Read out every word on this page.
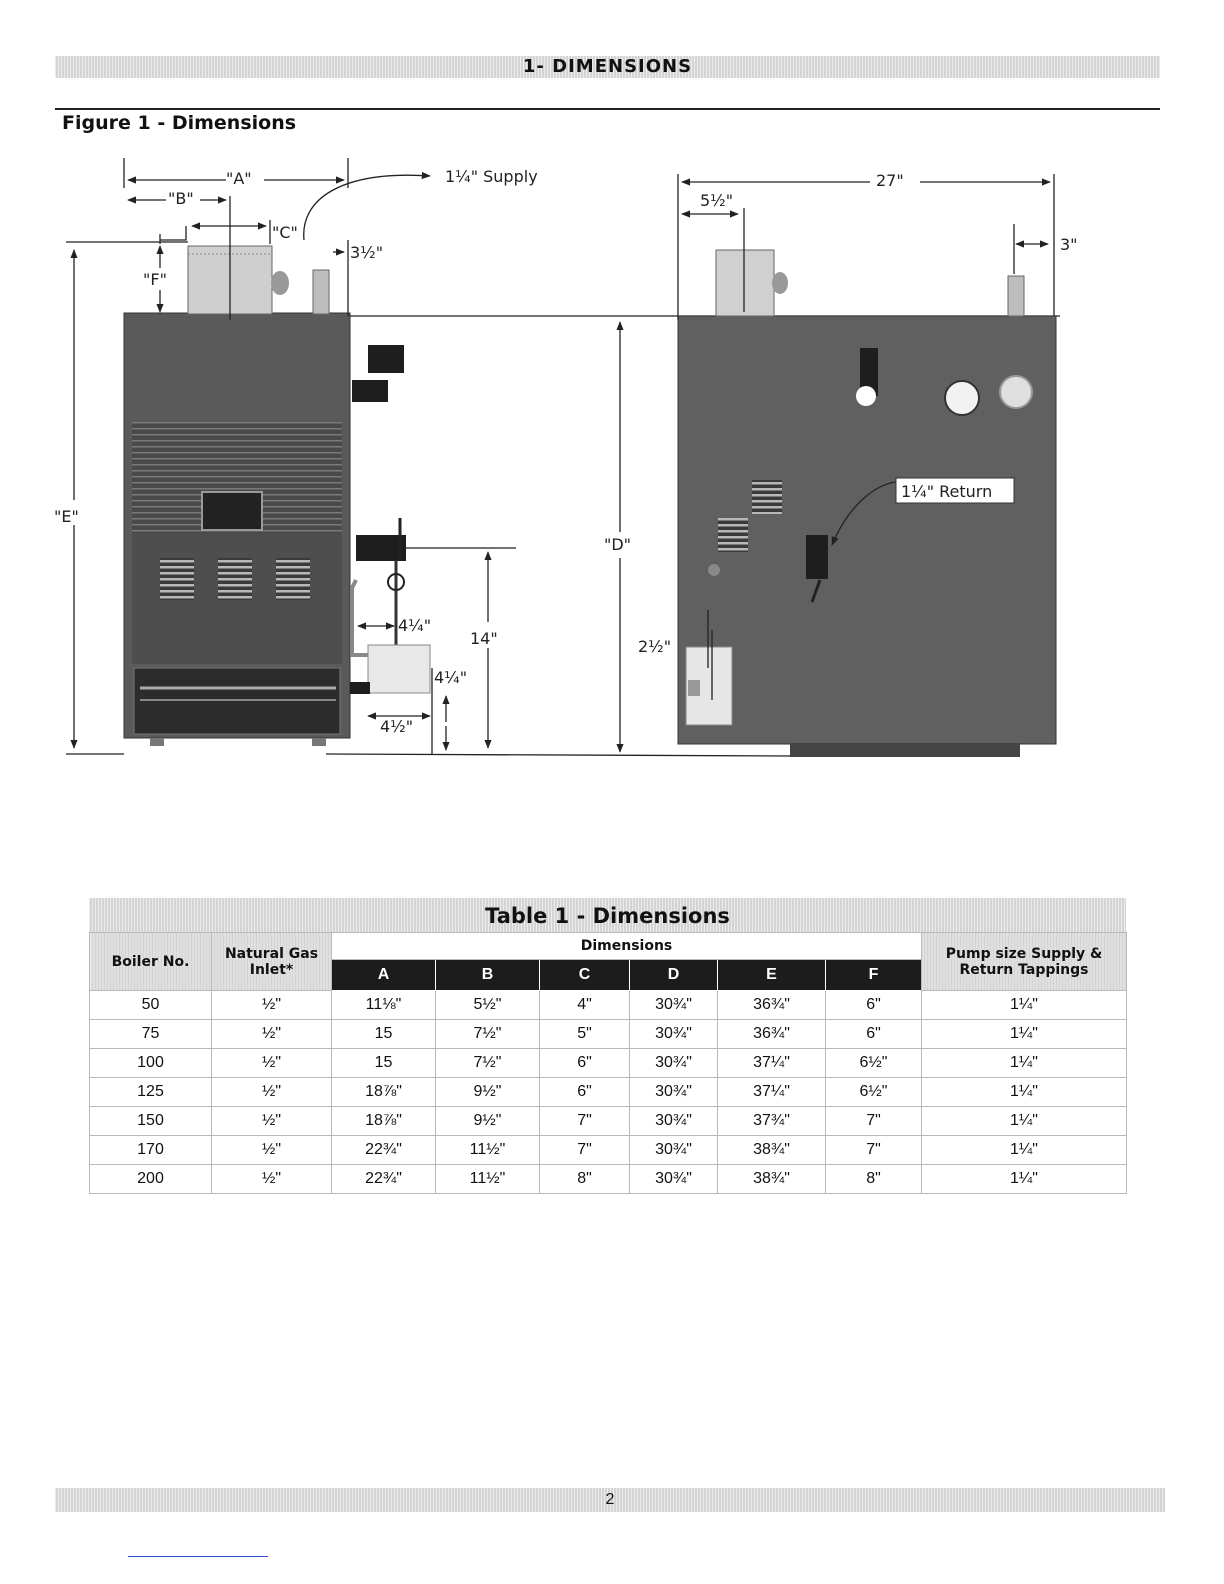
1- DIMENSIONS
Figure 1 - Dimensions
"A"
"B"
"C"
"F"
"E"
1¼" Supply
3½"
4¼"
14"
4¼"
4½"
"D"
27"
5½"
3"
1¼" Return
2½"
Table 1 - Dimensions
Boiler No.	Natural Gas Inlet*	Dimensions						Pump size Supply & Return Tappings
		A	B	C	D	E	F	
50	½"	11⅛"	5½"	4"	30¾"	36¾"	6"	1¼"
75	½"	15	7½"	5"	30¾"	36¾"	6"	1¼"
100	½"	15	7½"	6"	30¾"	37¼"	6½"	1¼"
125	½"	18⅞"	9½"	6"	30¾"	37¼"	6½"	1¼"
150	½"	18⅞"	9½"	7"	30¾"	37¾"	7"	1¼"
170	½"	22¾"	11½"	7"	30¾"	38¾"	7"	1¼"
200	½"	22¾"	11½"	8"	30¾"	38¾"	8"	1¼"
2
